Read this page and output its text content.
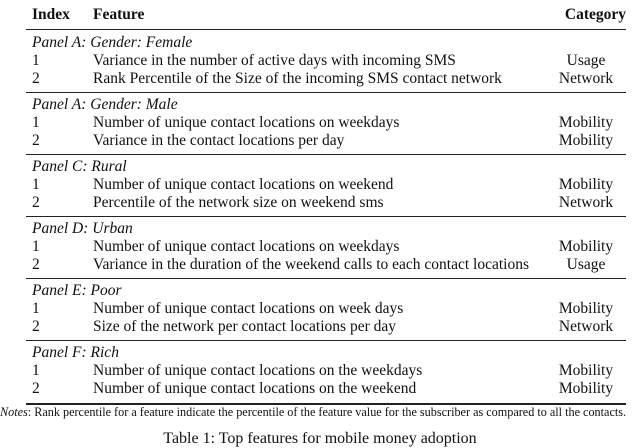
Index Feature	Category
Panel A: Gender: Female
1	Variance in the number of active days with incoming SMS	Usage
2	Rank Percentile of the Size of the incoming SMS contact network	Network
Panel A: Gender: Male
1	Number of unique contact locations on weekdays	Mobility
2	Variance in the contact locations per day	Mobility
Panel C: Rural
1	Number of unique contact locations on weekend	Mobility
2	Percentile of the network size on weekend sms	Network
Panel D: Urban
1	Number of unique contact locations on weekdays	Mobility
2	Variance in the duration of the weekend calls to each contact locations	Usage
Panel E: Poor
1	Number of unique contact locations on week days	Mobility
2	Size of the network per contact locations per day	Network
Panel F: Rich
1	Number of unique contact locations on the weekdays	Mobility
2	Number of unique contact locations on the weekend	Mobility
Notes: Rank percentile for a feature indicate the percentile of the feature value for the subscriber as compared to all the contacts.
Table 1: Top features for mobile money adoption
